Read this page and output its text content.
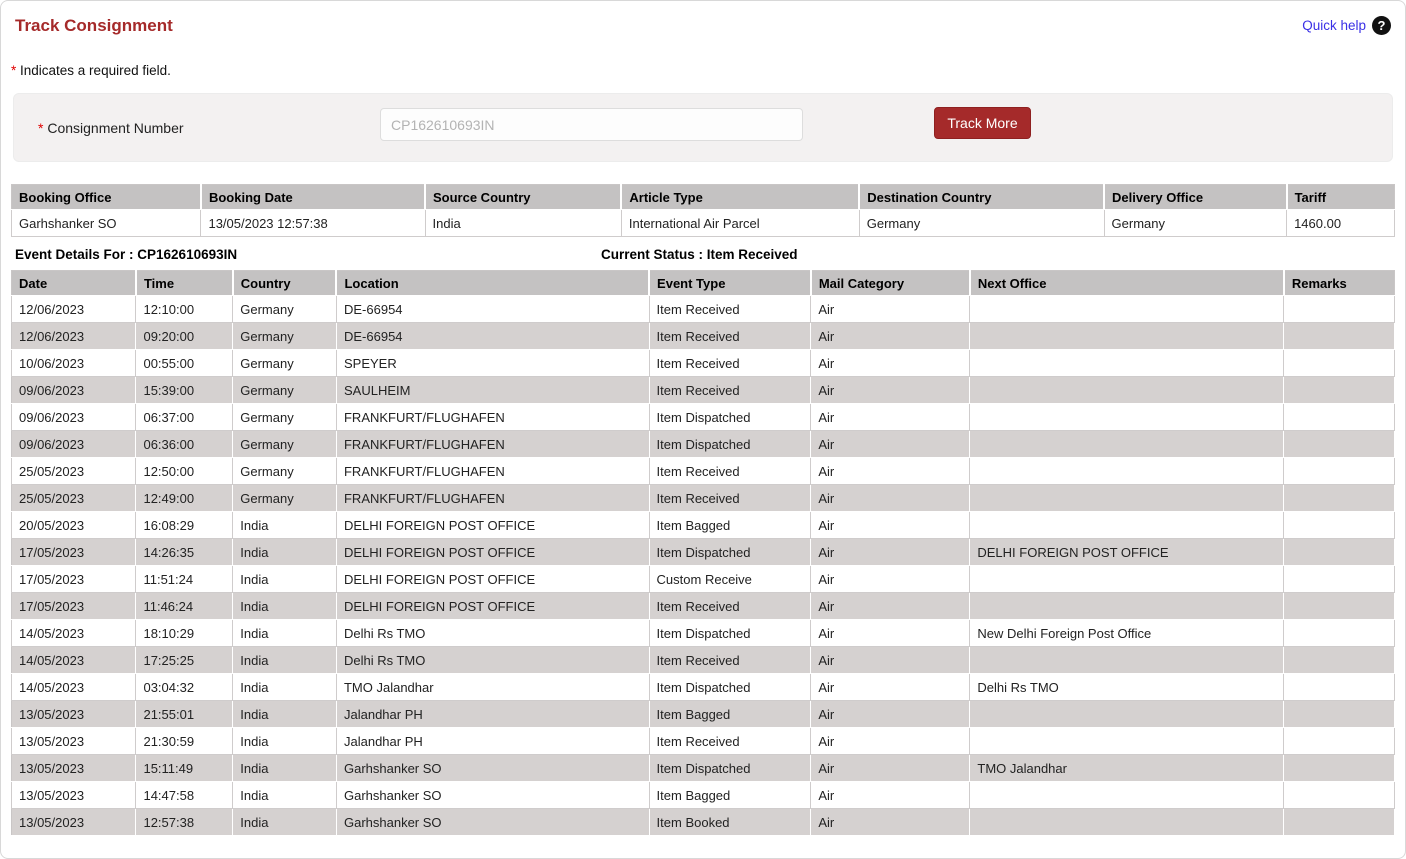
Track Consignment	Quick help ?
* Indicates a required field.
* Consignment Number
CP162610693IN	Track More
Booking Office	Booking Date	Source Country	Article Type	Destination Country	Delivery Office	Tariff
Garhshanker SO	13/05/2023 12:57:38	India	International Air Parcel	Germany	Germany	1460.00
Event Details For : CP162610693IN	Current Status : Item Received
Date	Time	Country	Location	Event Type	Mail Category	Next Office	Remarks
12/06/2023	12:10:00	Germany	DE-66954	Item Received	Air		
12/06/2023	09:20:00	Germany	DE-66954	Item Received	Air		
10/06/2023	00:55:00	Germany	SPEYER	Item Received	Air		
09/06/2023	15:39:00	Germany	SAULHEIM	Item Received	Air		
09/06/2023	06:37:00	Germany	FRANKFURT/FLUGHAFEN	Item Dispatched	Air		
09/06/2023	06:36:00	Germany	FRANKFURT/FLUGHAFEN	Item Dispatched	Air		
25/05/2023	12:50:00	Germany	FRANKFURT/FLUGHAFEN	Item Received	Air		
25/05/2023	12:49:00	Germany	FRANKFURT/FLUGHAFEN	Item Received	Air		
20/05/2023	16:08:29	India	DELHI FOREIGN POST OFFICE	Item Bagged	Air		
17/05/2023	14:26:35	India	DELHI FOREIGN POST OFFICE	Item Dispatched	Air	DELHI FOREIGN POST OFFICE	
17/05/2023	11:51:24	India	DELHI FOREIGN POST OFFICE	Custom Receive	Air		
17/05/2023	11:46:24	India	DELHI FOREIGN POST OFFICE	Item Received	Air		
14/05/2023	18:10:29	India	Delhi Rs TMO	Item Dispatched	Air	New Delhi Foreign Post Office	
14/05/2023	17:25:25	India	Delhi Rs TMO	Item Received	Air		
14/05/2023	03:04:32	India	TMO Jalandhar	Item Dispatched	Air	Delhi Rs TMO	
13/05/2023	21:55:01	India	Jalandhar PH	Item Bagged	Air		
13/05/2023	21:30:59	India	Jalandhar PH	Item Received	Air		
13/05/2023	15:11:49	India	Garhshanker SO	Item Dispatched	Air	TMO Jalandhar	
13/05/2023	14:47:58	India	Garhshanker SO	Item Bagged	Air		
13/05/2023	12:57:38	India	Garhshanker SO	Item Booked	Air		
